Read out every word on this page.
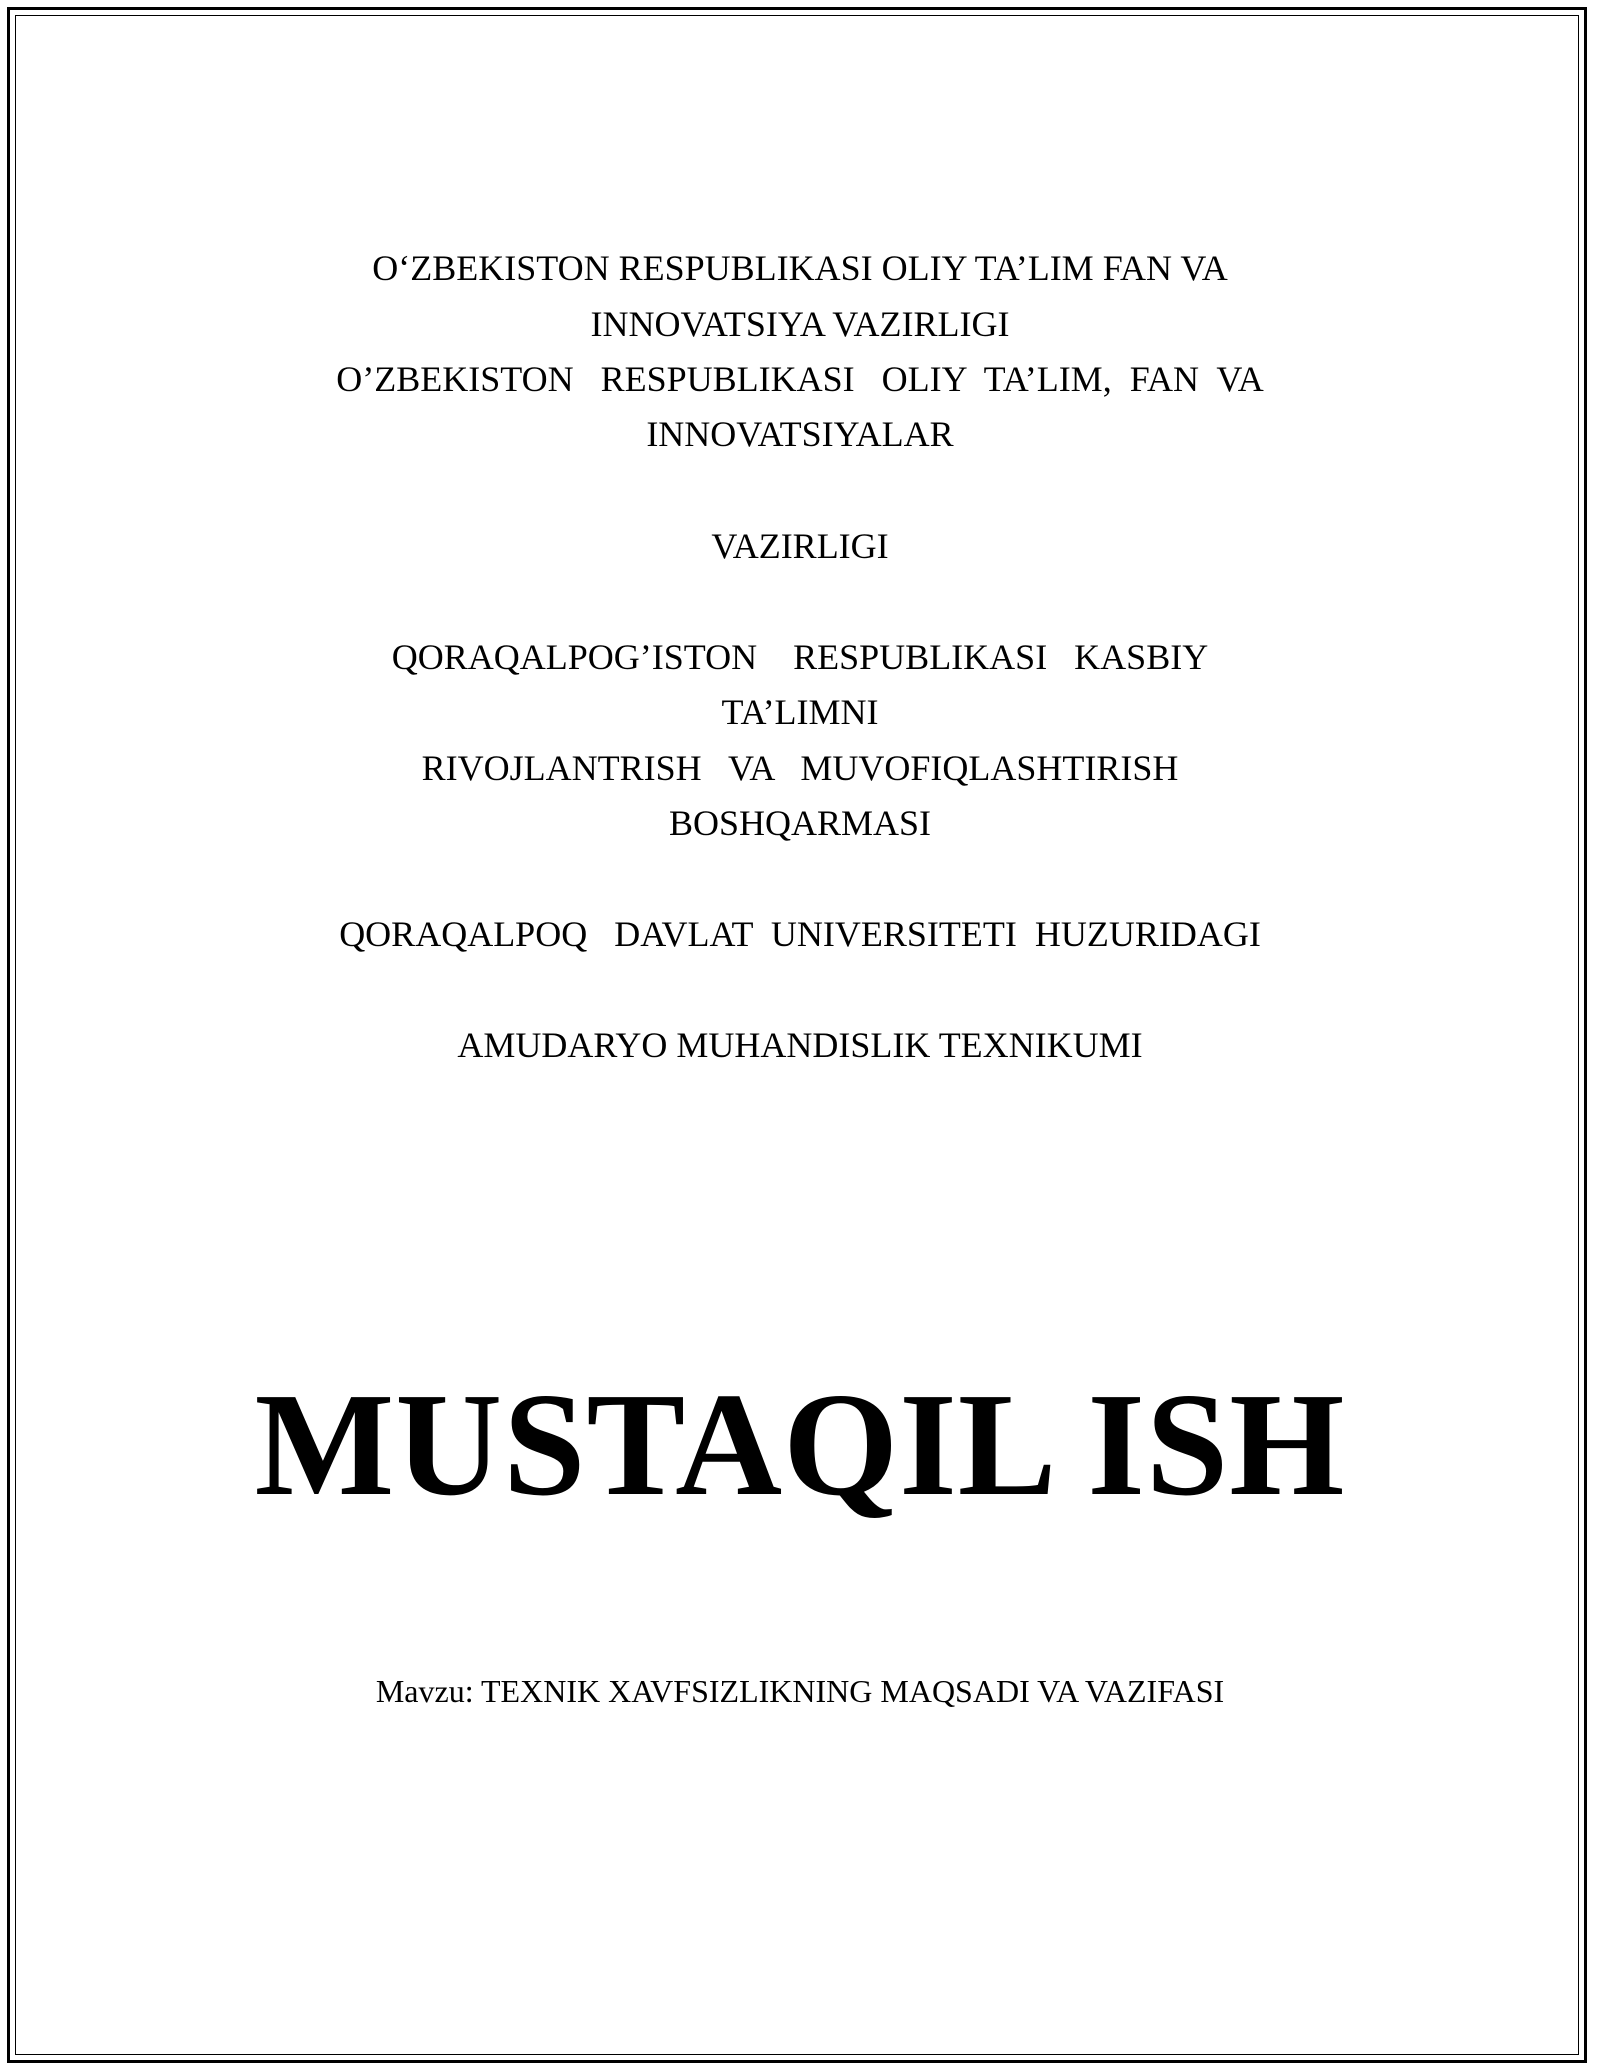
O‘ZBEKISTON RESPUBLIKASI OLIY TA’LIM FAN VA
INNOVATSIYA VAZIRLIGI
O’ZBEKISTON   RESPUBLIKASI   OLIY  TA’LIM,  FAN  VA
INNOVATSIYALAR
VAZIRLIGI
QORAQALPOG’ISTON    RESPUBLIKASI   KASBIY
TA’LIMNI
RIVOJLANTRISH   VA   MUVOFIQLASHTIRISH
BOSHQARMASI
QORAQALPOQ   DAVLAT  UNIVERSITETI  HUZURIDAGI
AMUDARYO MUHANDISLIK TEXNIKUMI
MUSTAQIL ISH
Mavzu: TEXNIK XAVFSIZLIKNING MAQSADI VA VAZIFASI
